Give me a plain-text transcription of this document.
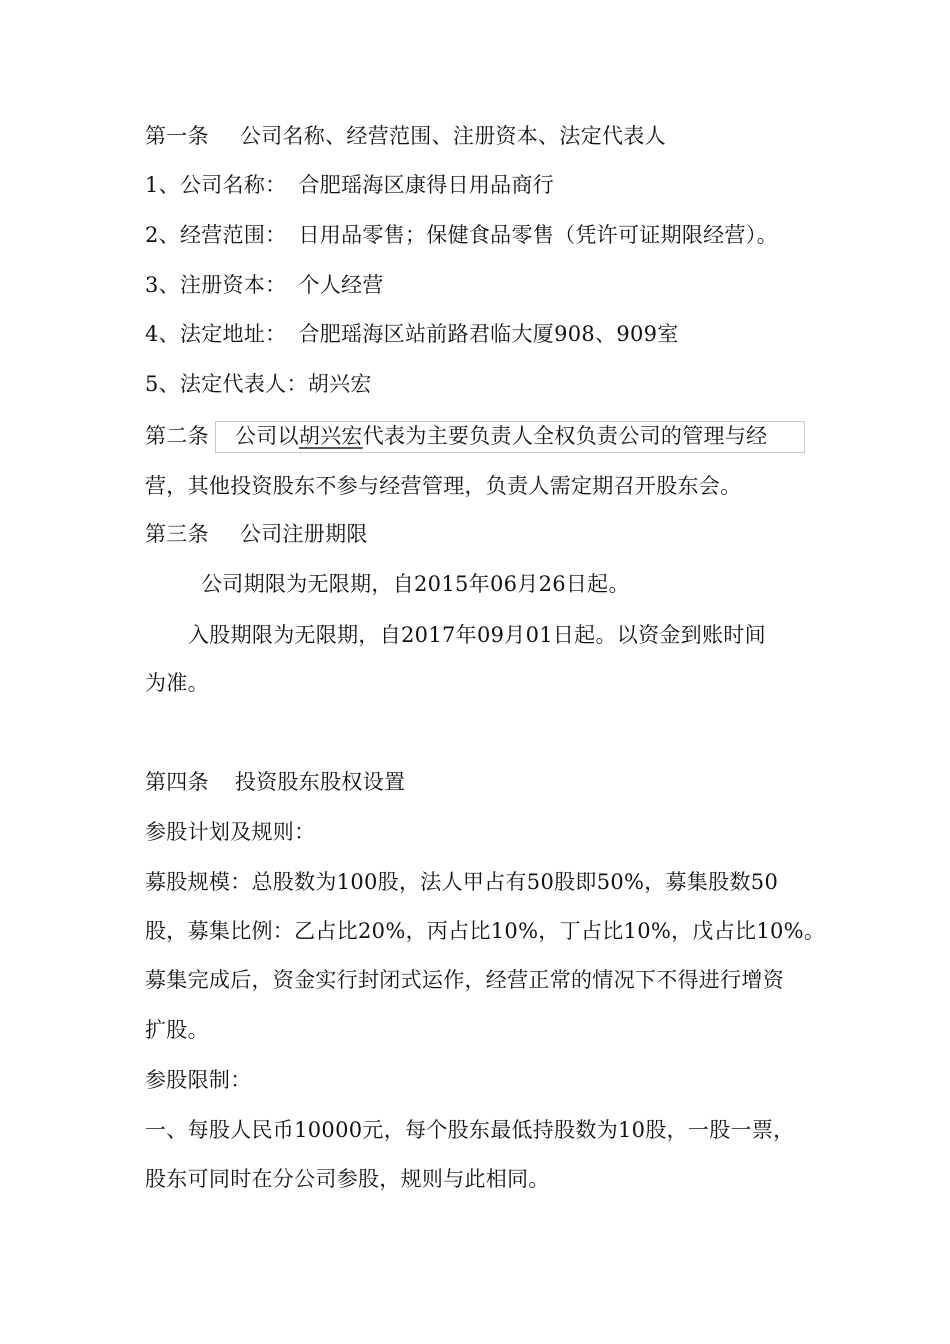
第一条 公司名称、经营范围、注册资本、法定代表人
1、公司名称： 合肥瑶海区康得日用品商行
2、经营范围： 日用品零售；保健食品零售（凭许可证期限经营）。
3、注册资本： 个人经营
4、法定地址： 合肥瑶海区站前路君临大厦908、909室
5、法定代表人：胡兴宏
第二条 公司以胡兴宏代表为主要负责人全权负责公司的管理与经
营，其他投资股东不参与经营管理，负责人需定期召开股东会。
第三条 公司注册期限
公司期限为无限期，自2015年06月26日起。
入股期限为无限期，自2017年09月01日起。以资金到账时间
为准。
第四条 投资股东股权设置
参股计划及规则：
募股规模：总股数为100股，法人甲占有50股即50%，募集股数50
股，募集比例：乙占比20%，丙占比10%，丁占比10%，戊占比10%。
募集完成后，资金实行封闭式运作，经营正常的情况下不得进行增资
扩股。
参股限制：
一、每股人民币10000元，每个股东最低持股数为10股，一股一票，
股东可同时在分公司参股，规则与此相同。
